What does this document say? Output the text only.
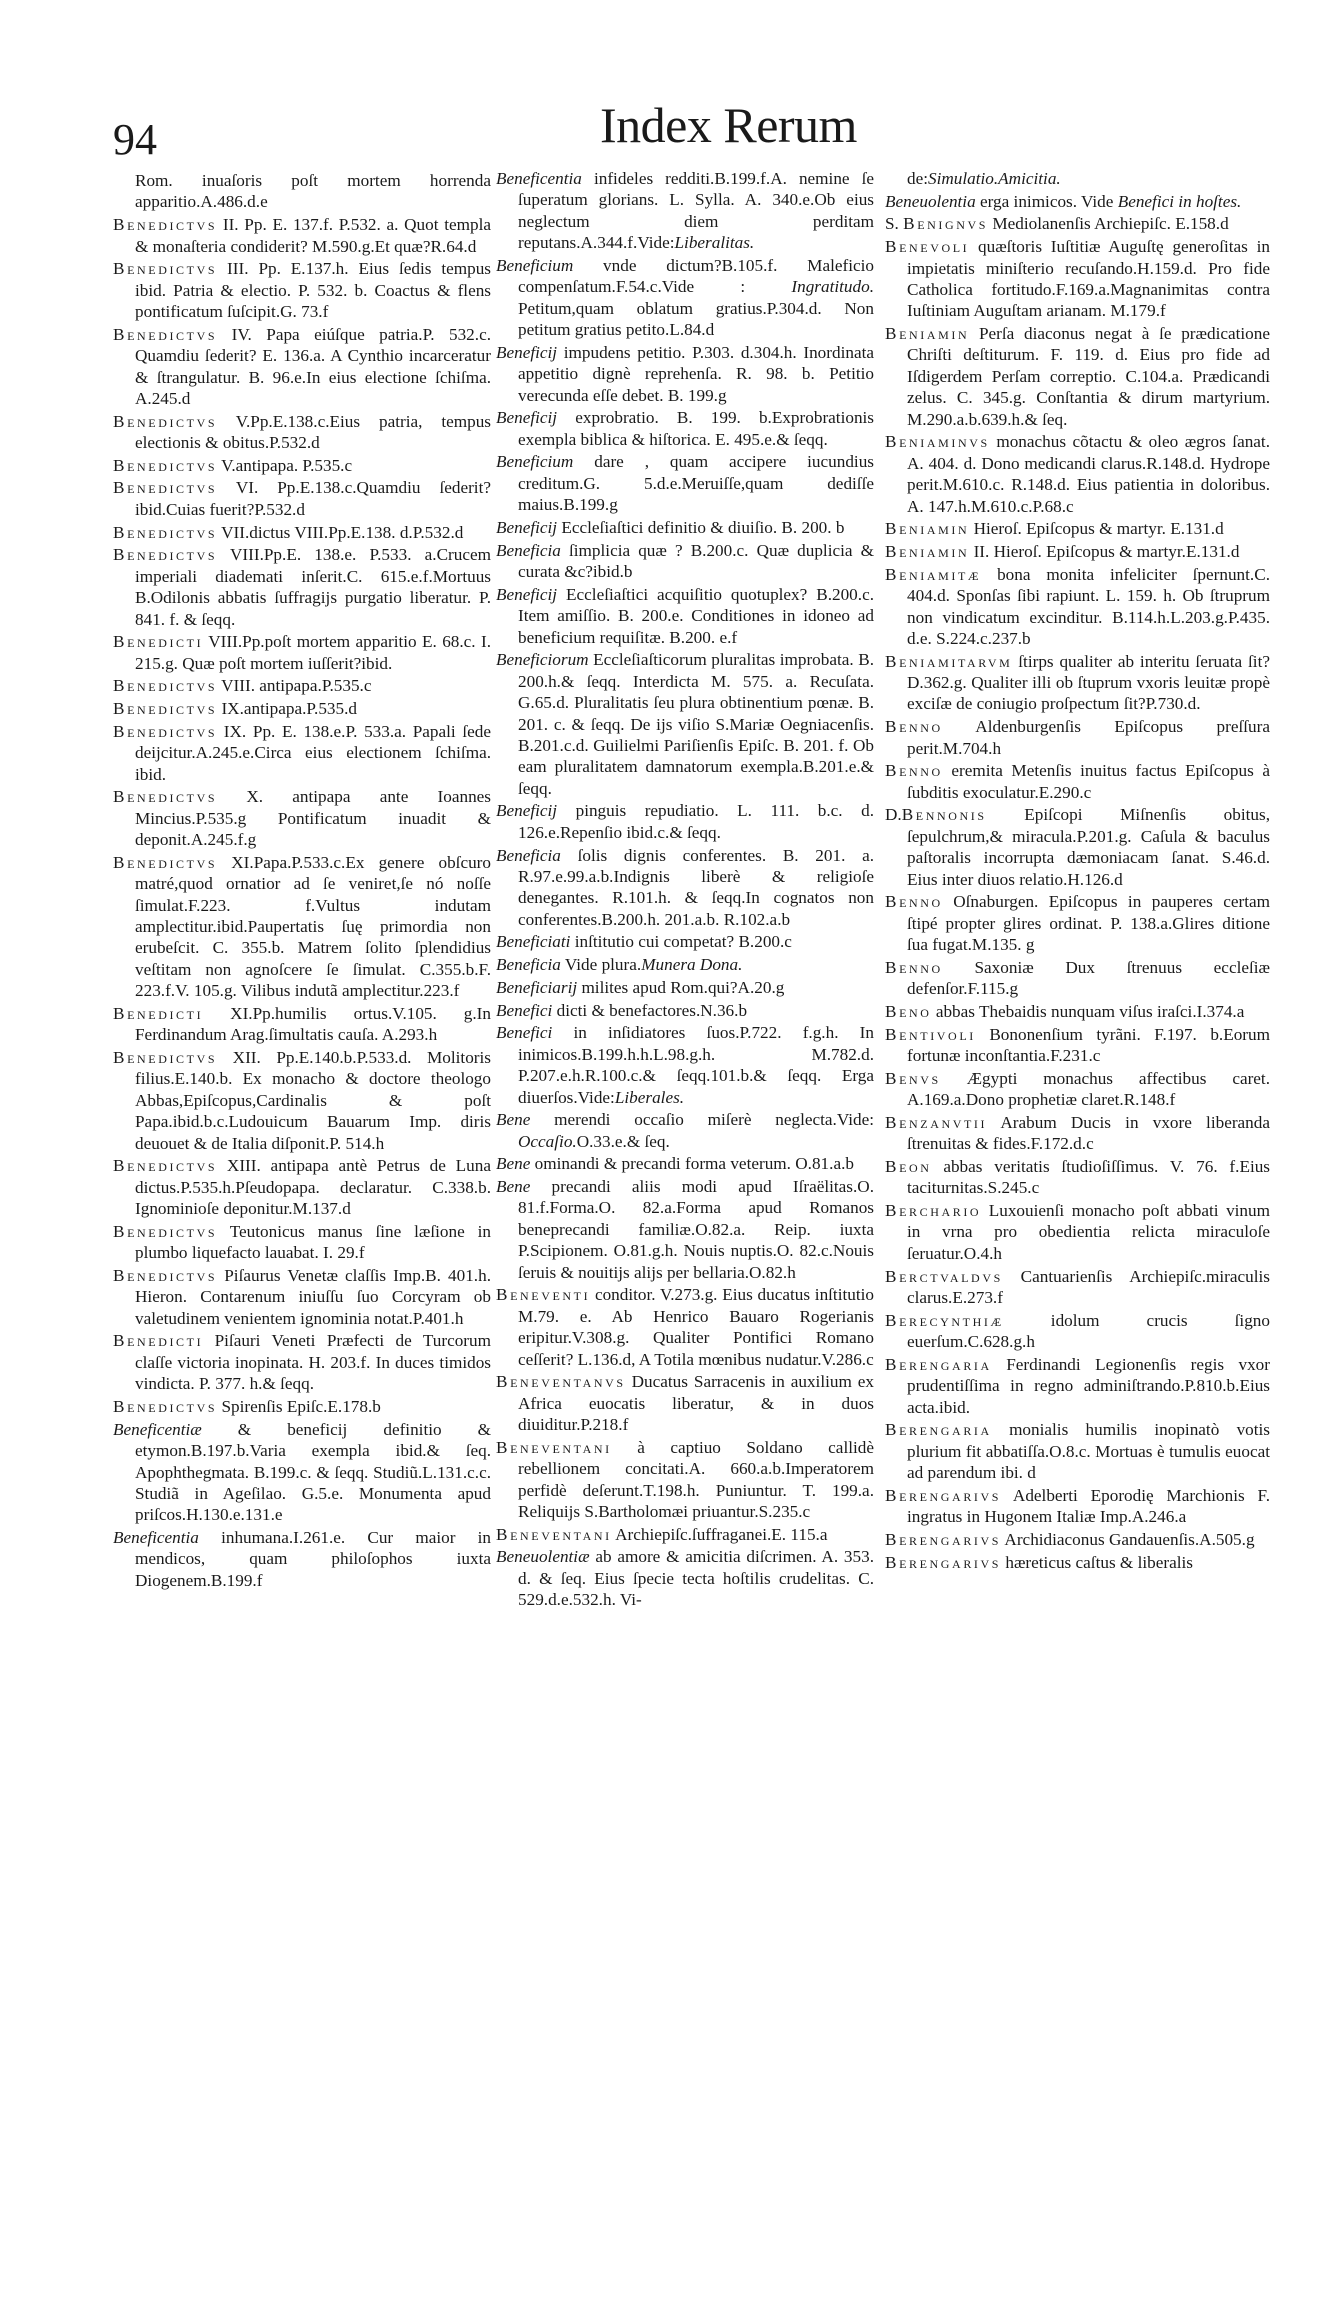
94	Index Rerum

Rom. inuaſoris poſt mortem horrenda apparitio.A.486.d.e

Benedictvs II. Pp. E. 137.f. P.532. a. Quot templa & monaſteria condiderit? M.590.g.Et quæ?R.64.d

Benedictvs III. Pp. E.137.h. Eius ſedis tempus ibid. Patria & electio. P. 532. b. Coactus & flens pontificatum ſuſcipit.G. 73.f

Benedictvs IV. Papa eiúſque patria.P. 532.c. Quamdiu ſederit? E. 136.a. A Cynthio incarceratur & ſtrangulatur. B. 96.e.In eius electione ſchiſma. A.245.d

Benedictvs V.Pp.E.138.c.Eius patria, tempus electionis & obitus.P.532.d

Benedictvs V.antipapa. P.535.c

Benedictvs VI. Pp.E.138.c.Quamdiu ſederit?ibid.Cuias fuerit?P.532.d

Benedictvs VII.dictus VIII.Pp.E.138. d.P.532.d

Benedictvs VIII.Pp.E. 138.e. P.533. a.Crucem imperiali diademati inſerit.C. 615.e.f.Mortuus B.Odilonis abbatis ſuffragijs purgatio liberatur. P. 841. f. & ſeqq.

Benedicti VIII.Pp.poſt mortem apparitio E. 68.c. I. 215.g. Quæ poſt mortem iuſſerit?ibid.

Benedictvs VIII. antipapa.P.535.c

Benedictvs IX.antipapa.P.535.d

Benedictvs IX. Pp. E. 138.e.P. 533.a. Papali ſede deijcitur.A.245.e.Circa eius electionem ſchiſma. ibid.

Benedictvs X. antipapa ante Ioannes Mincius.P.535.g Pontificatum inuadit & deponit.A.245.f.g

Benedictvs XI.Papa.P.533.c.Ex genere obſcuro matré,quod ornatior ad ſe veniret,ſe nó noſſe ſimulat.F.223. f.Vultus indutam amplectitur.ibid.Paupertatis ſuę primordia non erubeſcit. C. 355.b. Matrem ſolito ſplendidius veſtitam non agnoſcere ſe ſimulat. C.355.b.F. 223.f.V. 105.g. Vilibus indutã amplectitur.223.f

Benedicti XI.Pp.humilis ortus.V.105. g.In Ferdinandum Arag.ſimultatis cauſa. A.293.h

Benedictvs XII. Pp.E.140.b.P.533.d. Molitoris filius.E.140.b. Ex monacho & doctore theologo Abbas,Epiſcopus,Cardinalis & poſt Papa.ibid.b.c.Ludouicum Bauarum Imp. diris deuouet & de Italia diſponit.P. 514.h

Benedictvs XIII. antipapa antè Petrus de Luna dictus.P.535.h.Pſeudopapa. declaratur. C.338.b. Ignominioſe deponitur.M.137.d

Benedictvs Teutonicus manus ſine læſione in plumbo liquefacto lauabat. I. 29.f

Benedictvs Piſaurus Venetæ claſſis Imp.B. 401.h. Hieron. Contarenum iniuſſu ſuo Corcyram ob valetudinem venientem ignominia notat.P.401.h

Benedicti Piſauri Veneti Præfecti de Turcorum claſſe victoria inopinata. H. 203.f. In duces timidos vindicta. P. 377. h.& ſeqq.

Benedictvs Spirenſis Epiſc.E.178.b

Beneficentiæ & beneficij definitio & etymon.B.197.b.Varia exempla ibid.& ſeq. Apophthegmata. B.199.c. & ſeqq. Studiũ.L.131.c.c. Studiã in Ageſilao. G.5.e. Monumenta apud priſcos.H.130.e.131.e

Beneficentia inhumana.I.261.e. Cur maior in mendicos, quam philoſophos iuxta Diogenem.B.199.f

Beneficentia infideles redditi.B.199.f.A. nemine ſe ſuperatum glorians. L. Sylla. A. 340.e.Ob eius neglectum diem perditam reputans.A.344.f.Vide:Liberalitas.

Beneficium vnde dictum?B.105.f. Maleficio compenſatum.F.54.c.Vide : Ingratitudo. Petitum,quam oblatum gratius.P.304.d. Non petitum gratius petito.L.84.d

Beneficij impudens petitio. P.303. d.304.h. Inordinata appetitio dignè reprehenſa. R. 98. b. Petitio verecunda eſſe debet. B. 199.g

Beneficij exprobratio. B. 199. b.Exprobrationis exempla biblica & hiſtorica. E. 495.e.& ſeqq.

Beneficium dare , quam accipere iucundius creditum.G. 5.d.e.Meruiſſe,quam dediſſe maius.B.199.g

Beneficij Eccleſiaſtici definitio & diuiſio. B. 200. b

Beneficia ſimplicia quæ ? B.200.c. Quæ duplicia & curata &c?ibid.b

Beneficij Eccleſiaſtici acquiſitio quotuplex? B.200.c. Item amiſſio. B. 200.e. Conditiones in idoneo ad beneficium requiſitæ. B.200. e.f

Beneficiorum Eccleſiaſticorum pluralitas improbata. B. 200.h.& ſeqq. Interdicta M. 575. a. Recuſata. G.65.d. Pluralitatis ſeu plura obtinentium pœnæ. B. 201. c. & ſeqq. De ijs viſio S.Mariæ Oegniacenſis. B.201.c.d. Guilielmi Pariſienſis Epiſc. B. 201. f. Ob eam pluralitatem damnatorum exempla.B.201.e.& ſeqq.

Beneficij pinguis repudiatio. L. 111. b.c. d. 126.e.Repenſio ibid.c.& ſeqq.

Beneficia ſolis dignis conferentes. B. 201. a. R.97.e.99.a.b.Indignis liberè & religioſe denegantes. R.101.h. & ſeqq.In cognatos non conferentes.B.200.h. 201.a.b. R.102.a.b

Beneficiati inſtitutio cui competat? B.200.c

Beneficia Vide plura.Munera Dona.

Beneficiarij milites apud Rom.qui?A.20.g

Benefici dicti & benefactores.N.36.b

Benefici in inſidiatores ſuos.P.722. f.g.h. In inimicos.B.199.h.h.L.98.g.h. M.782.d. P.207.e.h.R.100.c.& ſeqq.101.b.& ſeqq. Erga diuerſos.Vide:Liberales.

Bene merendi occaſio miſerè neglecta.Vide: Occaſio.O.33.e.& ſeq.

Bene ominandi & precandi forma veterum. O.81.a.b

Bene precandi aliis modi apud Iſraëlitas.O. 81.f.Forma.O. 82.a.Forma apud Romanos beneprecandi familiæ.O.82.a. Reip. iuxta P.Scipionem. O.81.g.h. Nouis nuptis.O. 82.c.Nouis ſeruis & nouitijs alijs per bellaria.O.82.h

Beneventi conditor. V.273.g. Eius ducatus inſtitutio M.79. e. Ab Henrico Bauaro Rogerianis eripitur.V.308.g. Qualiter Pontifici Romano ceſſerit? L.136.d, A Totila mœnibus nudatur.V.286.c

Beneventanvs Ducatus Sarracenis in auxilium ex Africa euocatis liberatur, & in duos diuiditur.P.218.f

Beneventani à captiuo Soldano callidè rebellionem concitati.A. 660.a.b.Imperatorem perfidè deſerunt.T.198.h. Puniuntur. T. 199.a. Reliquijs S.Bartholomæi priuantur.S.235.c

Beneventani Archiepiſc.ſuffraganei.E. 115.a

Beneuolentiæ ab amore & amicitia diſcrimen. A. 353. d. & ſeq. Eius ſpecie tecta hoſtilis crudelitas. C. 529.d.e.532.h. Vi-

de:Simulatio.Amicitia.

Beneuolentia erga inimicos. Vide Benefici in hoſtes.

S. Benignvs Mediolanenſis Archiepiſc. E.158.d

Benevoli quæſtoris Iuſtitiæ Auguſtę generoſitas in impietatis miniſterio recuſando.H.159.d. Pro fide Catholica fortitudo.F.169.a.Magnanimitas contra Iuſtiniam Auguſtam arianam. M.179.f

Beniamin Perſa diaconus negat à ſe prædicatione Chriſti deſtiturum. F. 119. d. Eius pro fide ad Iſdigerdem Perſam correptio. C.104.a. Prædicandi zelus. C. 345.g. Conſtantia & dirum martyrium. M.290.a.b.639.h.& ſeq.

Beniaminvs monachus cõtactu & oleo ægros ſanat. A. 404. d. Dono medicandi clarus.R.148.d. Hydrope perit.M.610.c. R.148.d. Eius patientia in doloribus. A. 147.h.M.610.c.P.68.c

Beniamin Hieroſ. Epiſcopus & martyr. E.131.d

Beniamin II. Hieroſ. Epiſcopus & martyr.E.131.d

Beniamitæ bona monita infeliciter ſpernunt.C. 404.d. Sponſas ſibi rapiunt. L. 159. h. Ob ſtruprum non vindicatum excinditur. B.114.h.L.203.g.P.435. d.e. S.224.c.237.b

Beniamitarvm ſtirps qualiter ab interitu ſeruata ſit? D.362.g. Qualiter illi ob ſtuprum vxoris leuitæ propè exciſæ de coniugio proſpectum ſit?P.730.d.

Benno Aldenburgenſis Epiſcopus preſſura perit.M.704.h

Benno eremita Metenſis inuitus factus Epiſcopus à ſubditis exoculatur.E.290.c

D.Bennonis Epiſcopi Miſnenſis obitus, ſepulchrum,& miracula.P.201.g. Caſula & baculus paſtoralis incorrupta dæmoniacam ſanat. S.46.d. Eius inter diuos relatio.H.126.d

Benno Oſnaburgen. Epiſcopus in pauperes certam ſtipé propter glires ordinat. P. 138.a.Glires ditione ſua fugat.M.135. g

Benno Saxoniæ Dux ſtrenuus eccleſiæ defenſor.F.115.g

Beno abbas Thebaidis nunquam viſus iraſci.I.374.a

Bentivoli Bononenſium tyrãni. F.197. b.Eorum fortunæ inconſtantia.F.231.c

Benvs Ægypti monachus affectibus caret. A.169.a.Dono prophetiæ claret.R.148.f

Benzanvtii Arabum Ducis in vxore liberanda ſtrenuitas & fides.F.172.d.c

Beon abbas veritatis ſtudioſiſſimus. V. 76. f.Eius taciturnitas.S.245.c

Berchario Luxouienſi monacho poſt abbati vinum in vrna pro obedientia relicta miraculoſe ſeruatur.O.4.h

Berctvaldvs Cantuarienſis Archiepiſc.miraculis clarus.E.273.f

Berecynthiæ idolum crucis ſigno euerſum.C.628.g.h

Berengaria Ferdinandi Legionenſis regis vxor prudentiſſima in regno adminiſtrando.P.810.b.Eius acta.ibid.

Berengaria monialis humilis inopinatò votis plurium fit abbatiſſa.O.8.c. Mortuas è tumulis euocat ad parendum ibi. d

Berengarivs Adelberti Eporodię Marchionis F. ingratus in Hugonem Italiæ Imp.A.246.a

Berengarivs Archidiaconus Gandauenſis.A.505.g

Berengarivs hæreticus caſtus & liberalis
